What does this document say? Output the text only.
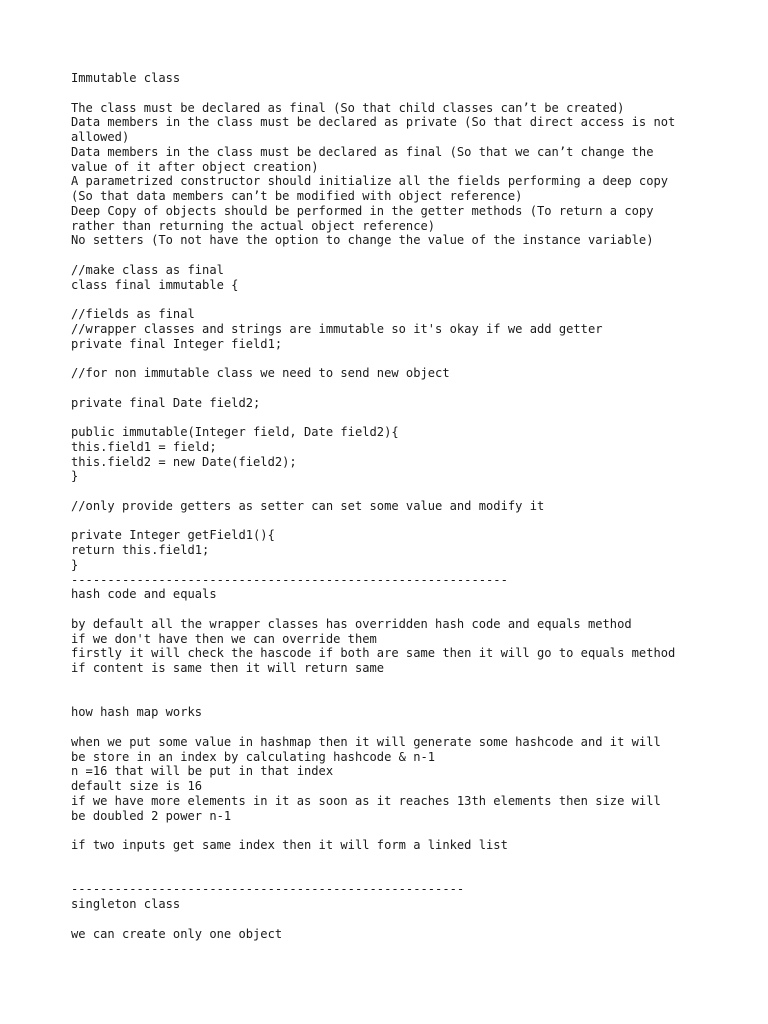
Immutable class
The class must be declared as final (So that child classes can’t be created)
Data members in the class must be declared as private (So that direct access is not
allowed)
Data members in the class must be declared as final (So that we can’t change the
value of it after object creation)
A parametrized constructor should initialize all the fields performing a deep copy
(So that data members can’t be modified with object reference)
Deep Copy of objects should be performed in the getter methods (To return a copy
rather than returning the actual object reference)
No setters (To not have the option to change the value of the instance variable)
//make class as final
class final immutable {
//fields as final
//wrapper classes and strings are immutable so it's okay if we add getter
private final Integer field1;
//for non immutable class we need to send new object
private final Date field2;
public immutable(Integer field, Date field2){
this.field1 = field;
this.field2 = new Date(field2);
}
//only provide getters as setter can set some value and modify it
private Integer getField1(){
return this.field1;
}
------------------------------------------------------------
hash code and equals
by default all the wrapper classes has overridden hash code and equals method
if we don't have then we can override them
firstly it will check the hascode if both are same then it will go to equals method
if content is same then it will return same
how hash map works
when we put some value in hashmap then it will generate some hashcode and it will
be store in an index by calculating hashcode & n-1
n =16 that will be put in that index
default size is 16
if we have more elements in it as soon as it reaches 13th elements then size will
be doubled 2 power n-1
if two inputs get same index then it will form a linked list
------------------------------------------------------
singleton class
we can create only one object
